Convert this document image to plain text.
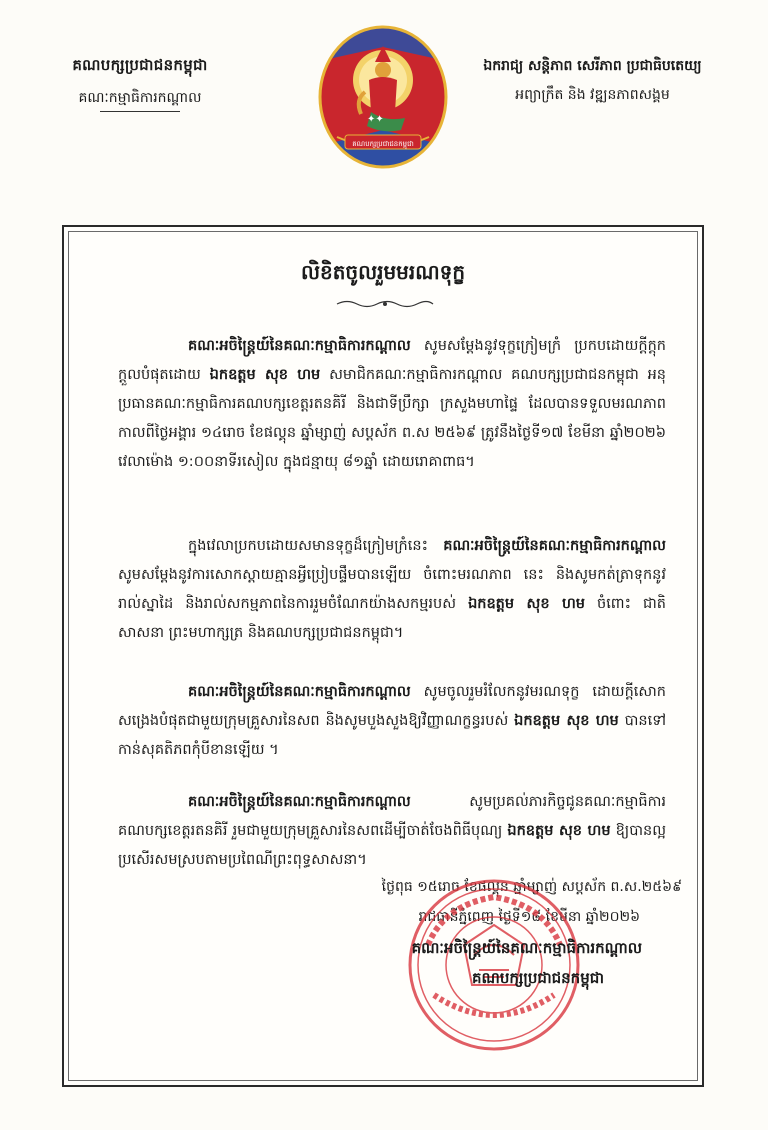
គណបក្សប្រជាជនកម្ពុជា
គណៈកម្មាធិការកណ្ដាល
✦✦
គណបក្សប្រជាជនកម្ពុជា
ឯករាជ្យ សន្តិភាព សេរីភាព ប្រជាធិបតេយ្យ
អព្យាក្រឹត និង វឌ្ឍនភាពសង្គម
លិខិតចូលរួមមរណទុក្ខ

គណៈអចិន្ត្រៃយ៍នៃគណៈកម្មាធិការកណ្ដាល សូមសម្ដែងនូវទុក្ខក្រៀមក្រំ ប្រកបដោយក្ដីក្ដុកក្ដួលបំផុតដោយ ឯកឧត្តម សុខ ហម សមាជិកគណៈកម្មាធិការកណ្ដាល គណបក្សប្រជាជនកម្ពុជា អនុប្រធានគណៈកម្មាធិការគណបក្សខេត្តរតនគិរី និងជាទីប្រឹក្សា ក្រសួងមហាផ្ទៃ ដែលបានទទួលមរណភាព កាលពីថ្ងៃអង្គារ ១៤រោច ខែផល្គុន ឆ្នាំម្សាញ់ សប្តស័ក ព.ស ២៥៦៩ ត្រូវនឹងថ្ងៃទី១៧ ខែមីនា ឆ្នាំ២០២៦ វេលាម៉ោង ១:០០នាទីរសៀល ក្នុងជន្មាយុ ៨១ឆ្នាំ ដោយរោគាពាធ។

ក្នុងវេលាប្រកបដោយសមានទុក្ខដ៏ក្រៀមក្រំនេះ គណៈអចិន្ត្រៃយ៍នៃគណៈកម្មាធិការកណ្ដាល សូមសម្ដែងនូវការសោកស្ដាយគ្មានអ្វីប្រៀបផ្ទឹមបានឡើយ ចំពោះមរណភាព នេះ និងសូមកត់ត្រាទុកនូវរាល់ស្នាដៃ និងរាល់សកម្មភាពនៃការរួមចំណែកយ៉ាងសកម្មរបស់ ឯកឧត្តម សុខ ហម ចំពោះ ជាតិ សាសនា ព្រះមហាក្សត្រ និងគណបក្សប្រជាជនកម្ពុជា។

គណៈអចិន្ត្រៃយ៍នៃគណៈកម្មាធិការកណ្ដាល សូមចូលរួមរំលែកនូវមរណទុក្ខ ដោយក្ដីសោកសង្រេងបំផុតជាមួយក្រុមគ្រួសារនៃសព និងសូមបួងសួងឱ្យវិញ្ញាណក្ខន្ធរបស់ ឯកឧត្តម សុខ ហម បានទៅកាន់សុគតិភពកុំបីខានឡើយ ។

គណៈអចិន្ត្រៃយ៍នៃគណៈកម្មាធិការកណ្ដាល សូមប្រគល់ភារកិច្ចជូនគណៈកម្មាធិការ គណបក្សខេត្តរតនគិរី រួមជាមួយក្រុមគ្រួសារនៃសពដើម្បីចាត់ចែងពិធីបុណ្យ ឯកឧត្តម សុខ ហម ឱ្យបានល្អប្រសើរសមស្របតាមប្រពៃណីព្រះពុទ្ធសាសនា។

ថ្ងៃពុធ ១៥រោច ខែផល្គុន ឆ្នាំម្សាញ់ សប្តស័ក ព.ស.២៥៦៩
រាជធានីភ្នំពេញ ថ្ងៃទី១៨ ខែមីនា ឆ្នាំ២០២៦
គណៈអចិន្ត្រៃយ៍នៃគណៈកម្មាធិការកណ្ដាល
គណបក្សប្រជាជនកម្ពុជា
